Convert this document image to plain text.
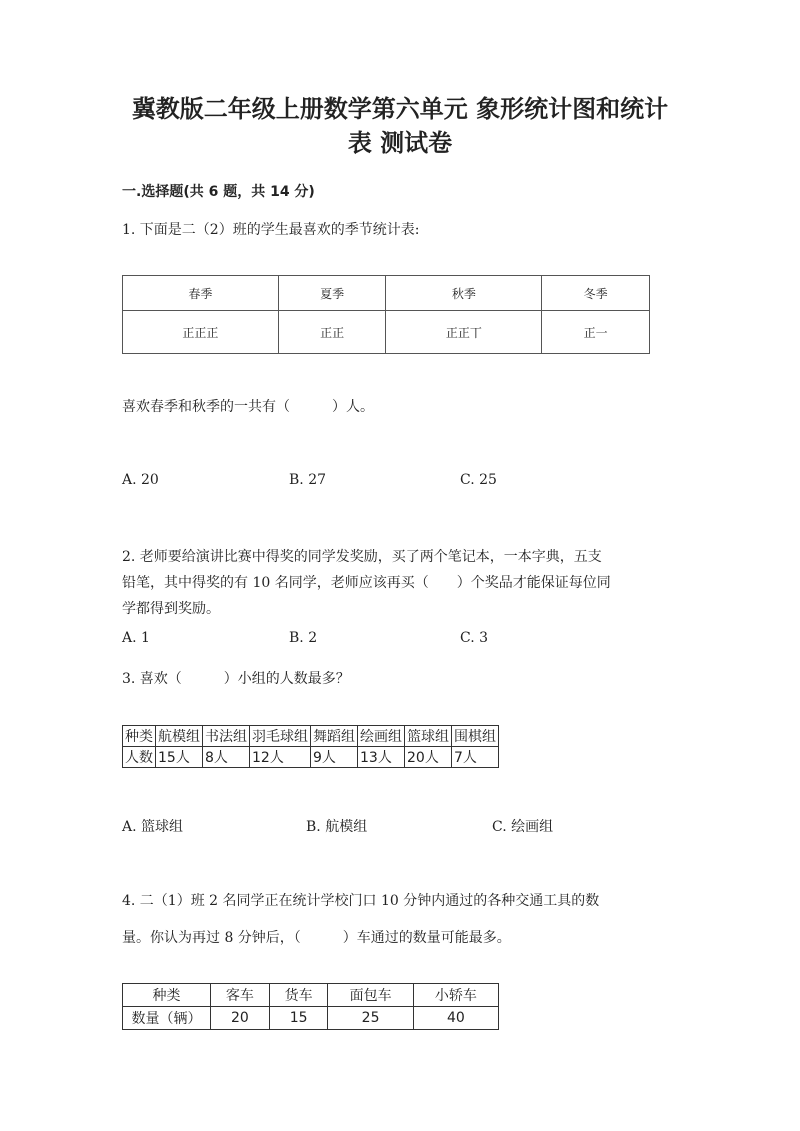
冀教版二年级上册数学第六单元 象形统计图和统计
表 测试卷
一.选择题(共 6 题，共 14 分)
1. 下面是二（2）班的学生最喜欢的季节统计表:
春季	夏季	秋季	冬季
正正正	正正	正正丅	正一
喜欢春季和秋季的一共有（　　　）人。
A. 20	B. 27	C. 25
2. 老师要给演讲比赛中得奖的同学发奖励，买了两个笔记本，一本字典，五支
铅笔，其中得奖的有 10 名同学，老师应该再买（　　）个奖品才能保证每位同
学都得到奖励。
A. 1	B. 2	C. 3
3. 喜欢（　　　）小组的人数最多？
种类	航模组	书法组	羽毛球组	舞蹈组	绘画组	篮球组	围棋组
人数	15人	8人	12人	9人	13人	20人	7人
A. 篮球组	B. 航模组	C. 绘画组
4. 二（1）班 2 名同学正在统计学校门口 10 分钟内通过的各种交通工具的数
量。你认为再过 8 分钟后，（　　　）车通过的数量可能最多。
种类	客车	货车	面包车	小轿车
数量（辆）	20	15	25	40
